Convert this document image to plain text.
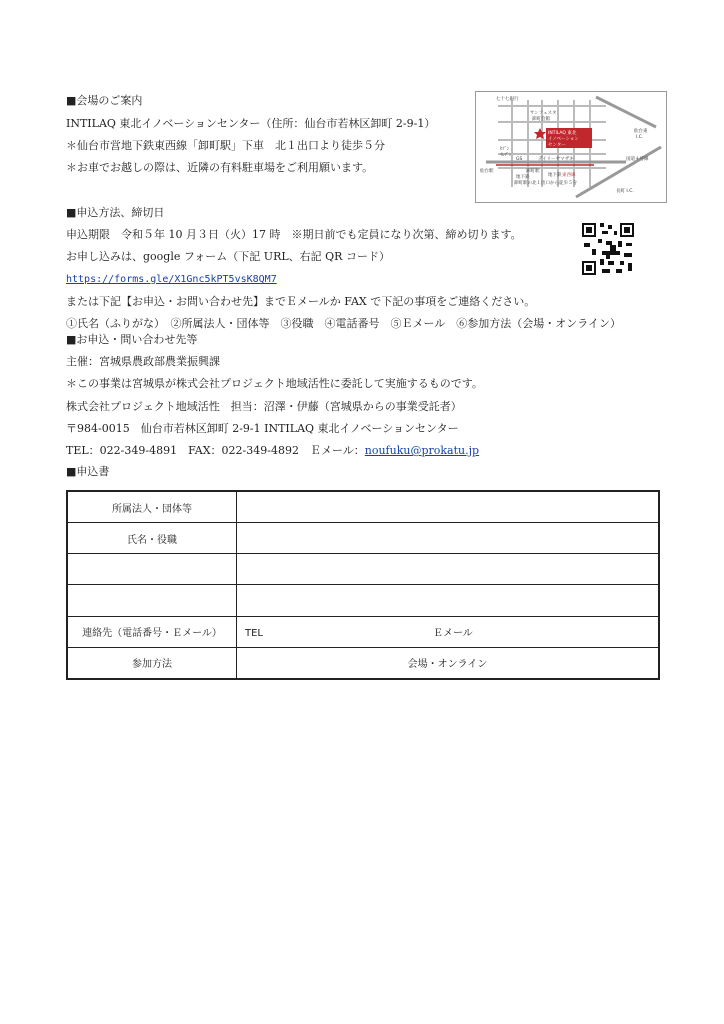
■会場のご案内
INTILAQ 東北イノベーションセンター（住所：仙台市若林区卸町 2-9-1）
＊仙台市営地下鉄東西線「卸町駅」下車　北１出口より徒歩５分
＊お車でお越しの際は、近隣の有料駐車場をご利用願います。
七十七銀行
サンフェスタ
卸町会館
ｾﾌﾞﾝ
ｲﾚﾌﾞﾝ
INTILAQ 東北
イノベーション
センター
GS	デイリーヤマザキ
仙台駅	卸町駅
地下鉄 東西線
地下鉄
卸町駅の北１出口から徒歩５分
国道４号線
仙台東
I.C.
長町 I.C.
■申込方法、締切日
申込期限　令和５年 10 月３日（火）17 時　※期日前でも定員になり次第、締め切ります。
お申し込みは、google フォーム（下記 URL、右記 QR コード）
https://forms.gle/X1Gnc5kPT5vsK8QM7
または下記【お申込・お問い合わせ先】までＥメールか FAX で下記の事項をご連絡ください。
①氏名（ふりがな）　②所属法人・団体等　③役職　④電話番号　⑤Ｅメール　⑥参加方法（会場・オンライン）
■お申込・問い合わせ先等
主催：宮城県農政部農業振興課
＊この事業は宮城県が株式会社プロジェクト地域活性に委託して実施するものです。
株式会社プロジェクト地域活性　担当：沼澤・伊藤（宮城県からの事業受託者）
〒984-0015　仙台市若林区卸町 2-9-1 INTILAQ 東北イノベーションセンター
TEL：022-349-4891　FAX：022-349-4892　Ｅメール：noufuku@prokatu.jp
■申込書
所属法人・団体等	
氏名・役職	

連絡先（電話番号・Ｅメール）	TEL Ｅメール
参加方法	会場・オンライン
